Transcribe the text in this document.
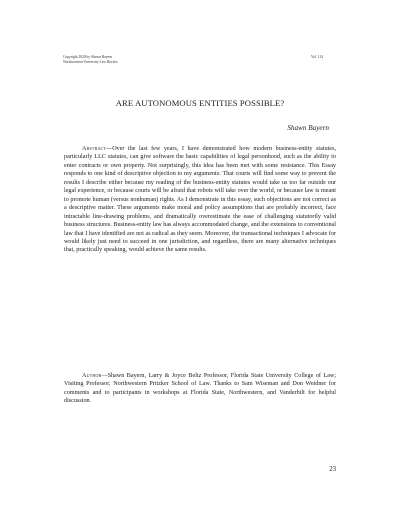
Copyright 2020 by Shawn Bayern
Northwestern University Law Review
Vol. 114
ARE AUTONOMOUS ENTITIES POSSIBLE?
Shawn Bayern
Abstract—Over the last few years, I have demonstrated how modern business-entity statutes, particularly LLC statutes, can give software the basic capabilities of legal personhood, such as the ability to enter contracts or own property. Not surprisingly, this idea has been met with some resistance. This Essay responds to one kind of descriptive objection to my arguments: That courts will find some way to prevent the results I describe either because my reading of the business-entity statutes would take us too far outside our legal experience, or because courts will be afraid that robots will take over the world, or because law is meant to promote human (versus nonhuman) rights. As I demonstrate in this essay, such objections are not correct as a descriptive matter. These arguments make moral and policy assumptions that are probably incorrect, face intractable line-drawing problems, and dramatically overestimate the ease of challenging statutorily valid business structures. Business-entity law has always accommodated change, and the extensions to conventional law that I have identified are not as radical as they seem. Moreover, the transactional techniques I advocate for would likely just need to succeed in one jurisdiction, and regardless, there are many alternative techniques that, practically speaking, would achieve the same results.
Author—Shawn Bayern, Larry & Joyce Beltz Professor, Florida State University College of Law; Visiting Professor, Northwestern Pritzker School of Law. Thanks to Sam Wiseman and Don Weidner for comments and to participants in workshops at Florida State, Northwestern, and Vanderbilt for helpful discussion.
23
